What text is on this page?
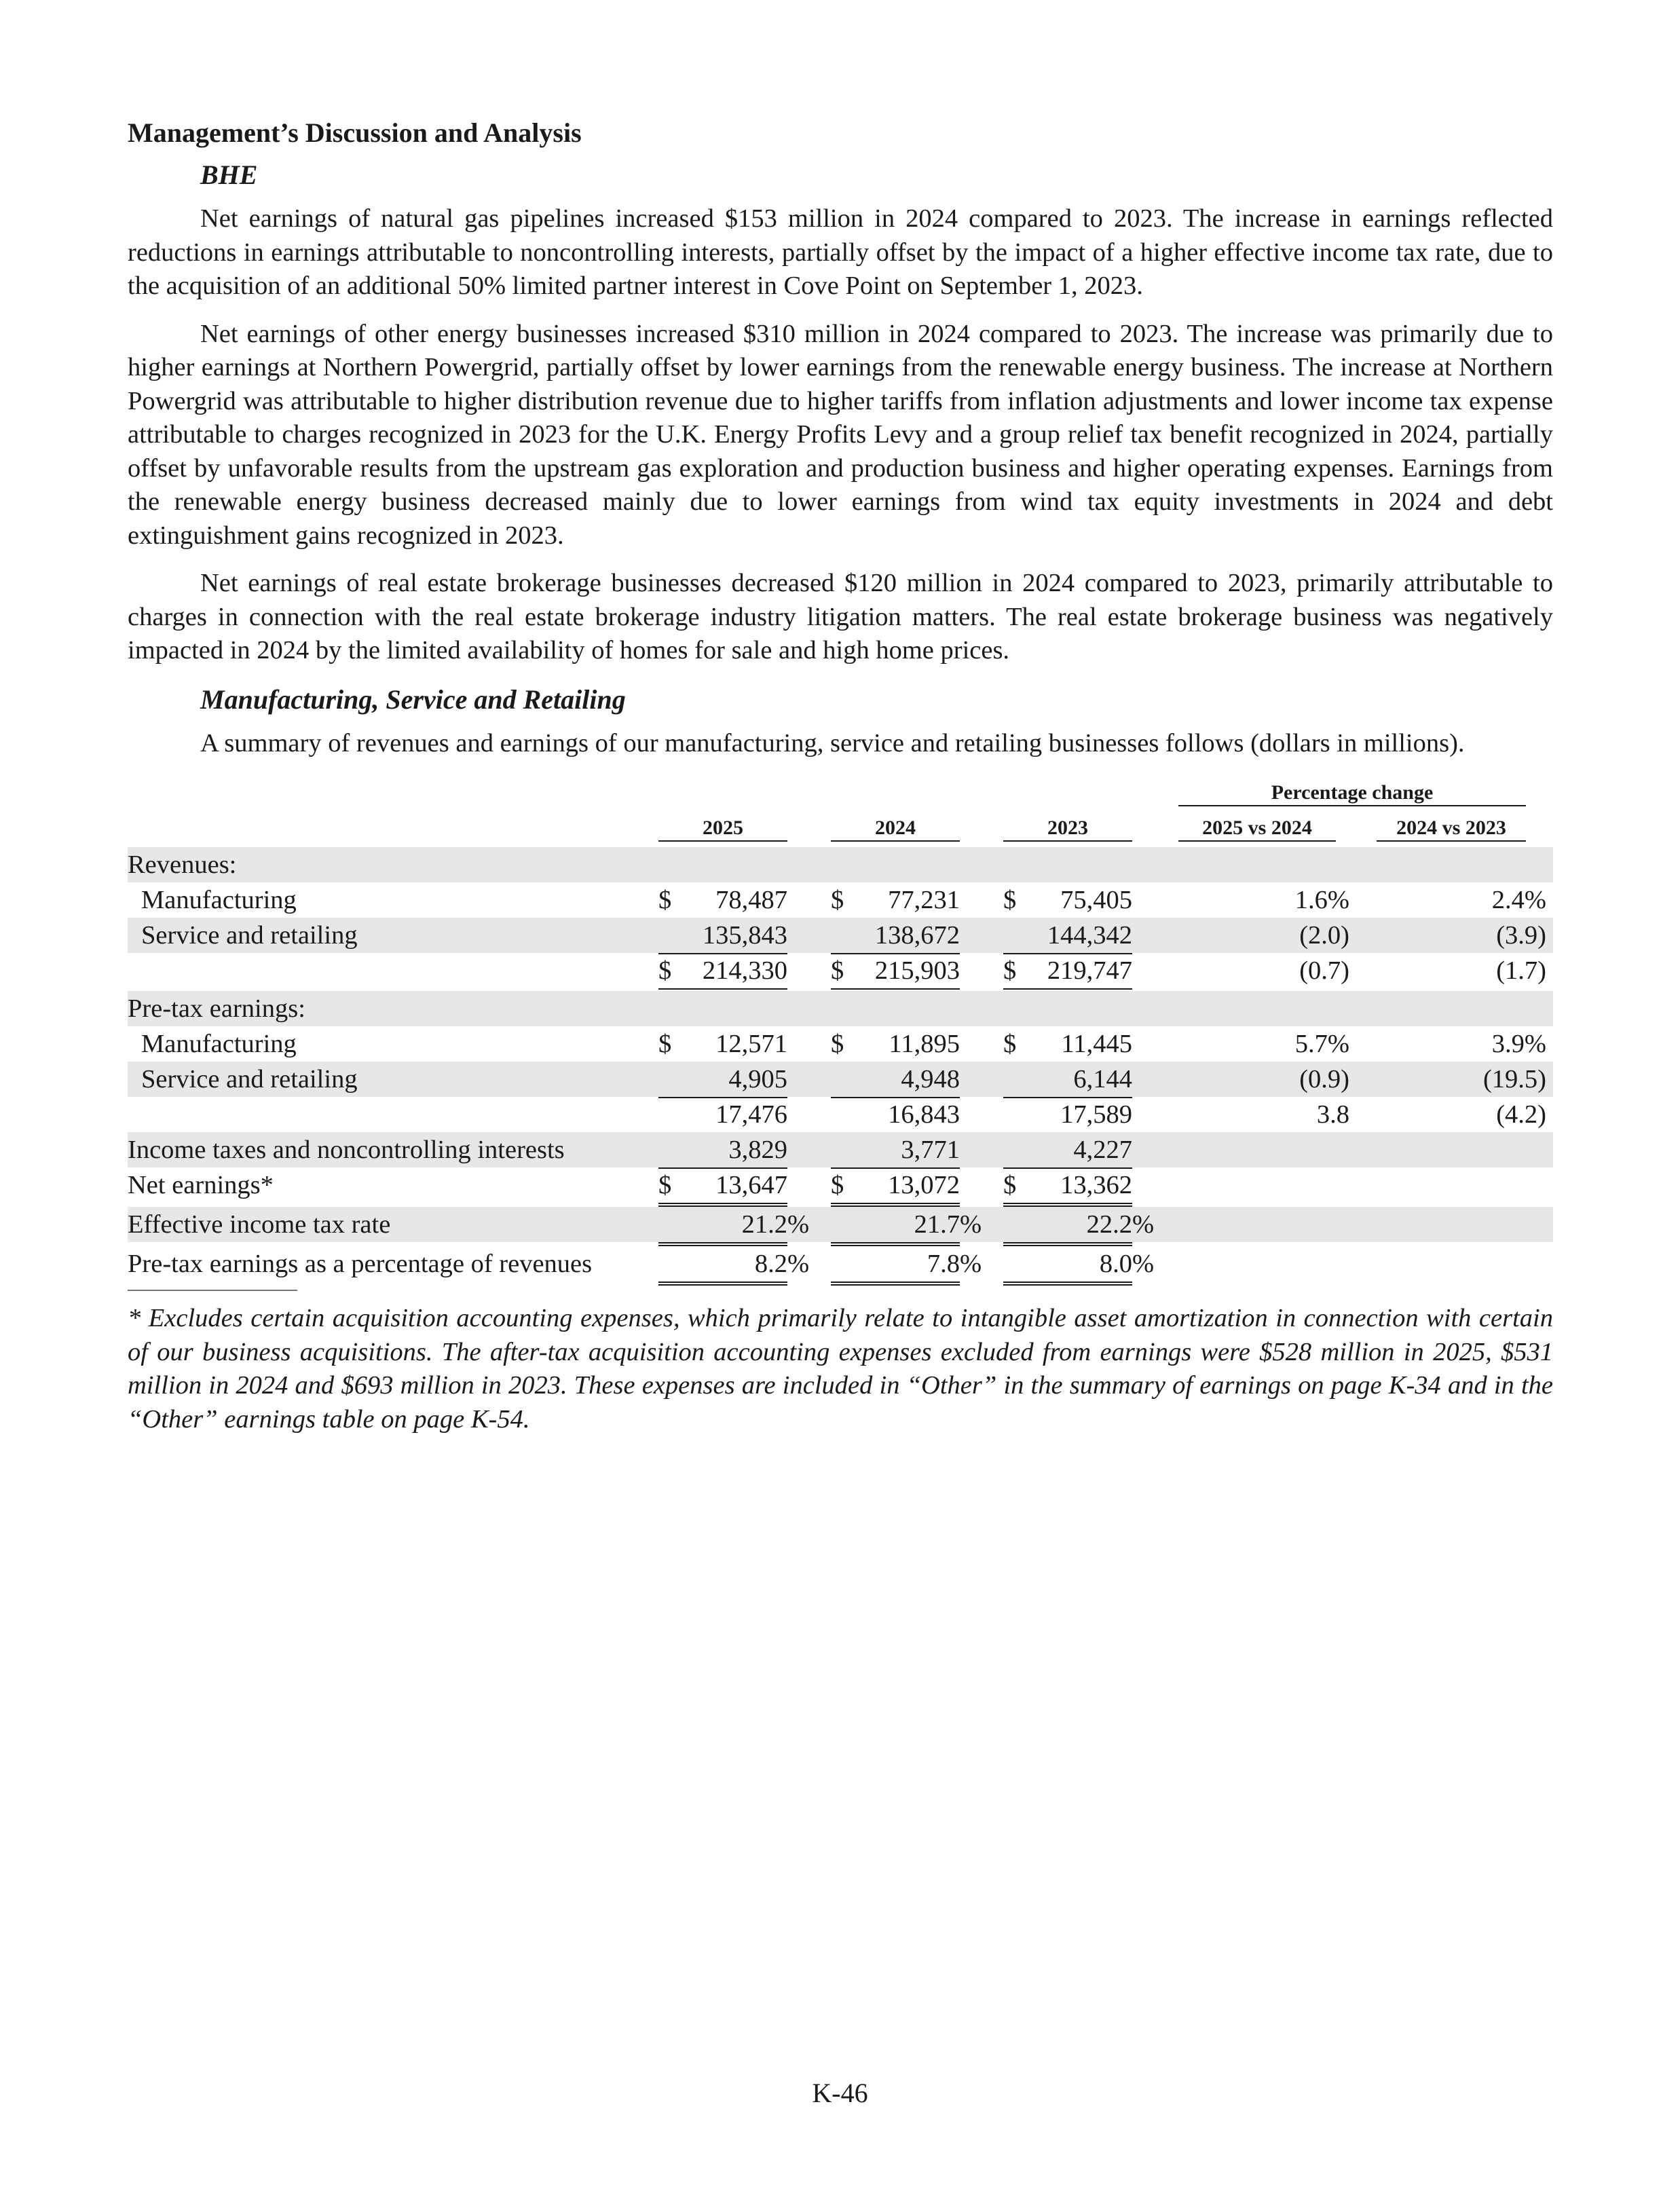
Management’s Discussion and Analysis
BHE

Net earnings of natural gas pipelines increased $153 million in 2024 compared to 2023. The increase in earnings reflected reductions in earnings attributable to noncontrolling interests, partially offset by the impact of a higher effective income tax rate, due to the acquisition of an additional 50% limited partner interest in Cove Point on September 1, 2023.

Net earnings of other energy businesses increased $310 million in 2024 compared to 2023. The increase was primarily due to higher earnings at Northern Powergrid, partially offset by lower earnings from the renewable energy business. The increase at Northern Powergrid was attributable to higher distribution revenue due to higher tariffs from inflation adjustments and lower income tax expense attributable to charges recognized in 2023 for the U.K. Energy Profits Levy and a group relief tax benefit recognized in 2024, partially offset by unfavorable results from the upstream gas exploration and production business and higher operating expenses. Earnings from the renewable energy business decreased mainly due to lower earnings from wind tax equity investments in 2024 and debt extinguishment gains recognized in 2023.

Net earnings of real estate brokerage businesses decreased $120 million in 2024 compared to 2023, primarily attributable to charges in connection with the real estate brokerage industry litigation matters. The real estate brokerage business was negatively impacted in 2024 by the limited availability of homes for sale and high home prices.

Manufacturing, Service and Retailing

A summary of revenues and earnings of our manufacturing, service and retailing businesses follows (dollars in millions).

Percentage change
2025	2024	2023	2025 vs 2024	2024 vs 2023
Revenues:
Manufacturing	$ 78,487 $ 77,231 $ 75,405	1.6%	2.4%
Service and retailing	135,843	138,672	144,342	(2.0)	(3.9)
$ 214,330 $ 215,903 $ 219,747	(0.7)	(1.7)
Pre-tax earnings:
Manufacturing	$ 12,571 $ 11,895 $ 11,445	5.7%	3.9%
Service and retailing	4,905	4,948	6,144	(0.9)	(19.5)
17,476	16,843	17,589	3.8	(4.2)
Income taxes and noncontrolling interests	3,829	3,771	4,227
Net earnings*	$ 13,647 $ 13,072 $ 13,362
Effective income tax rate	21.2 %	21.7 %	22.2 %
Pre-tax earnings as a percentage of revenues	8.2 %	7.8 %	8.0 %

* Excludes certain acquisition accounting expenses, which primarily relate to intangible asset amortization in connection with certain of our business acquisitions. The after-tax acquisition accounting expenses excluded from earnings were $528 million in 2025, $531 million in 2024 and $693 million in 2023. These expenses are included in “Other” in the summary of earnings on page K-34 and in the “Other” earnings table on page K-54.

K-46
